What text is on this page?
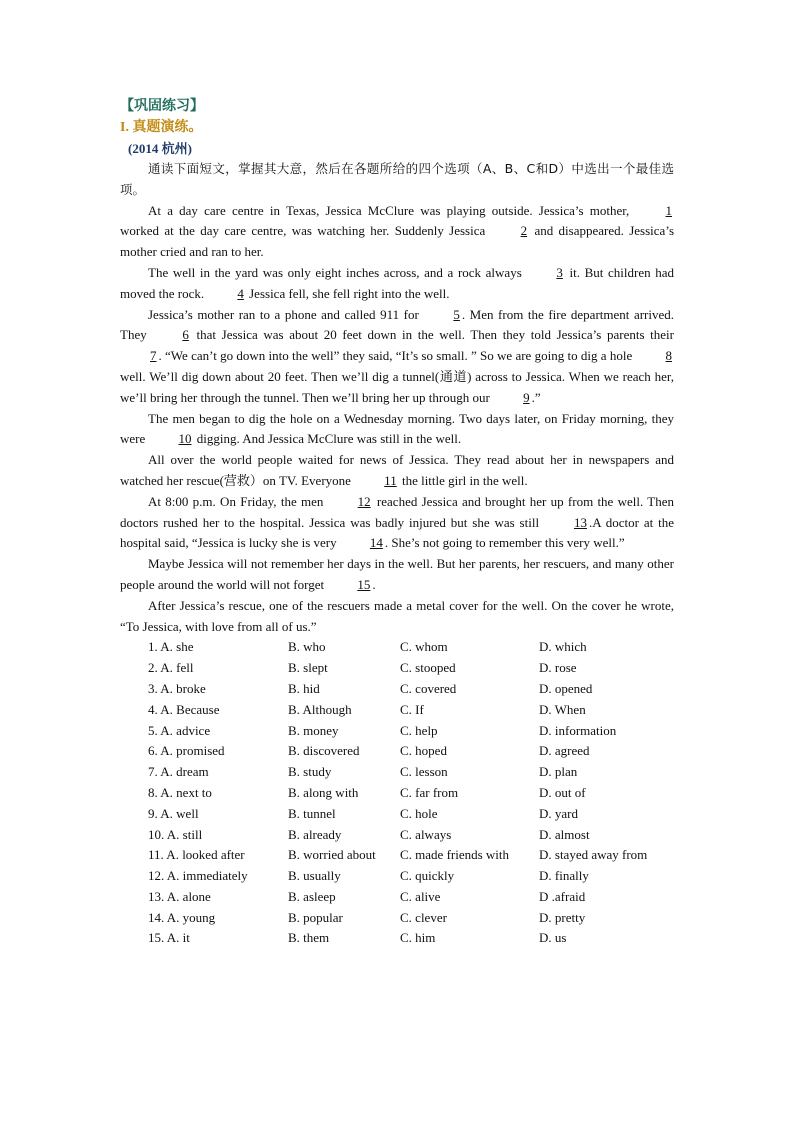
【巩固练习】
I. 真题演练。
(2014 杭州)

通读下面短文，掌握其大意，然后在各题所给的四个选项（A、B、C和D）中选出一个最佳选项。

At a day care centre in Texas, Jessica McClure was playing outside. Jessica’s mother, 1 worked at the day care centre, was watching her. Suddenly Jessica 2 and disappeared. Jessica’s mother cried and ran to her.

The well in the yard was only eight inches across, and a rock always 3 it. But children had moved the rock. 4 Jessica fell, she fell right into the well.

Jessica’s mother ran to a phone and called 911 for 5 . Men from the fire department arrived. They 6 that Jessica was about 20 feet down in the well. Then they told Jessica’s parents their 7 . “We can’t go down into the well” they said, “It’s so small. ” So we are going to dig a hole 8 well. We’ll dig down about 20 feet. Then we’ll dig a tunnel(通道) across to Jessica. When we reach her, we’ll bring her through the tunnel. Then we’ll bring her up through our 9 .”

The men began to dig the hole on a Wednesday morning. Two days later, on Friday morning, they were 10 digging. And Jessica McClure was still in the well.

All over the world people waited for news of Jessica. They read about her in newspapers and watched her rescue(营救）on TV. Everyone 11 the little girl in the well.

At 8:00 p.m. On Friday, the men 12 reached Jessica and brought her up from the well. Then doctors rushed her to the hospital. Jessica was badly injured but she was still 13 .A doctor at the hospital said, “Jessica is lucky she is very 14 . She’s not going to remember this very well.”

Maybe Jessica will not remember her days in the well. But her parents, her rescuers, and many other people around the world will not forget 15 .

After Jessica’s rescue, one of the rescuers made a metal cover for the well. On the cover he wrote, “To Jessica, with love from all of us.”

1. A. she	B. who	C. whom	D. which
2. A. fell	B. slept	C. stooped	D. rose
3. A. broke	B. hid	C. covered	D. opened
4. A. Because	B. Although	C. If	D. When
5. A. advice	B. money	C. help	D. information
6. A. promised	B. discovered	C. hoped	D. agreed
7. A. dream	B. study	C. lesson	D. plan
8. A. next to	B. along with	C. far from	D. out of
9. A. well	B. tunnel	C. hole	D. yard
10. A. still	B. already	C. always	D. almost
11. A. looked after	B. worried about	C. made friends with	D. stayed away from
12. A. immediately	B. usually	C. quickly	D. finally
13. A. alone	B. asleep	C. alive	D .afraid
14. A. young	B. popular	C. clever	D. pretty
15. A. it	B. them	C. him	D. us
